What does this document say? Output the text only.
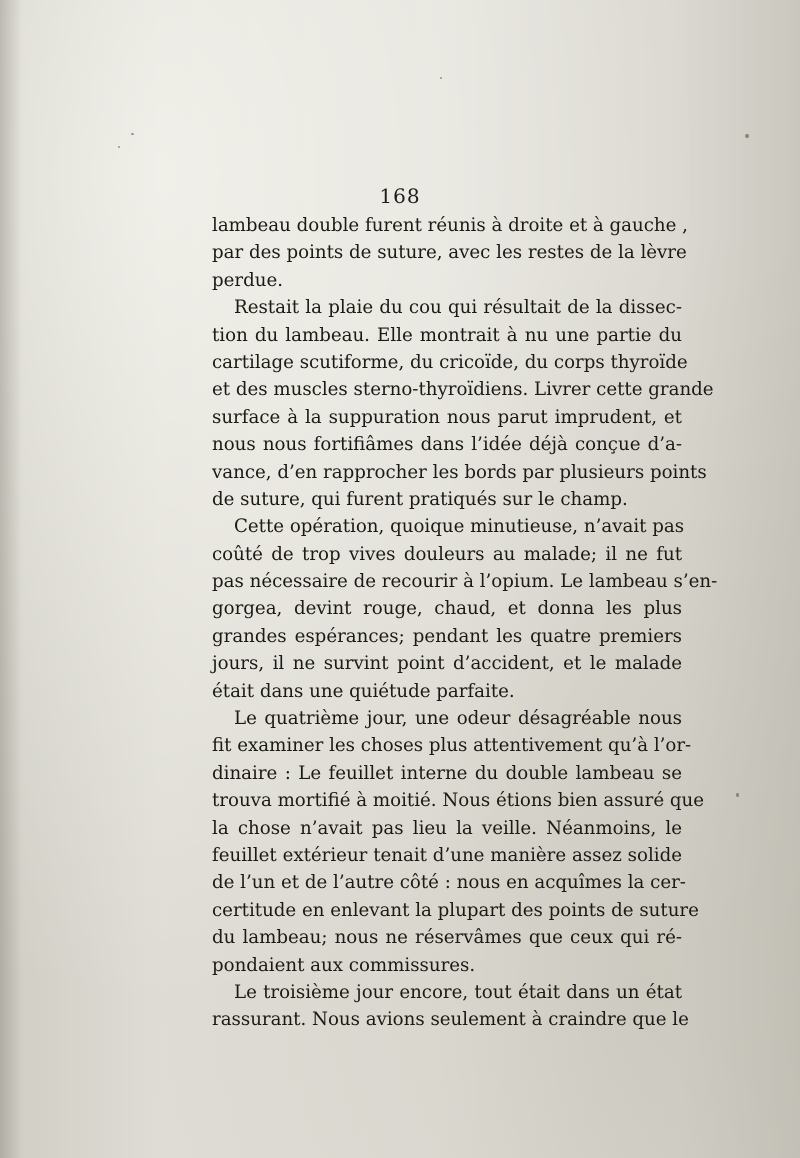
168
lambeau double furent réunis à droite et à gauche ,
par des points de suture, avec les restes de la lèvre
perdue.
Restait la plaie du cou qui résultait de la dissec-
tion du lambeau. Elle montrait à nu une partie du
cartilage scutiforme, du cricoïde, du corps thyroïde
et des muscles sterno-thyroïdiens. Livrer cette grande
surface à la suppuration nous parut imprudent, et
nous nous fortifiâmes dans l’idée déjà conçue d’a-
vance, d’en rapprocher les bords par plusieurs points
de suture, qui furent pratiqués sur le champ.
Cette opération, quoique minutieuse, n’avait pas
coûté de trop vives douleurs au malade; il ne fut
pas nécessaire de recourir à l’opium. Le lambeau s’en-
gorgea, devint rouge, chaud, et donna les plus
grandes espérances; pendant les quatre premiers
jours, il ne survint point d’accident, et le malade
était dans une quiétude parfaite.
Le quatrième jour, une odeur désagréable nous
fit examiner les choses plus attentivement qu’à l’or-
dinaire : Le feuillet interne du double lambeau se
trouva mortifié à moitié. Nous étions bien assuré que
la chose n’avait pas lieu la veille. Néanmoins, le
feuillet extérieur tenait d’une manière assez solide
de l’un et de l’autre côté : nous en acquîmes la cer-
certitude en enlevant la plupart des points de suture
du lambeau; nous ne réservâmes que ceux qui ré-
pondaient aux commissures.
Le troisième jour encore, tout était dans un état
rassurant. Nous avions seulement à craindre que le
